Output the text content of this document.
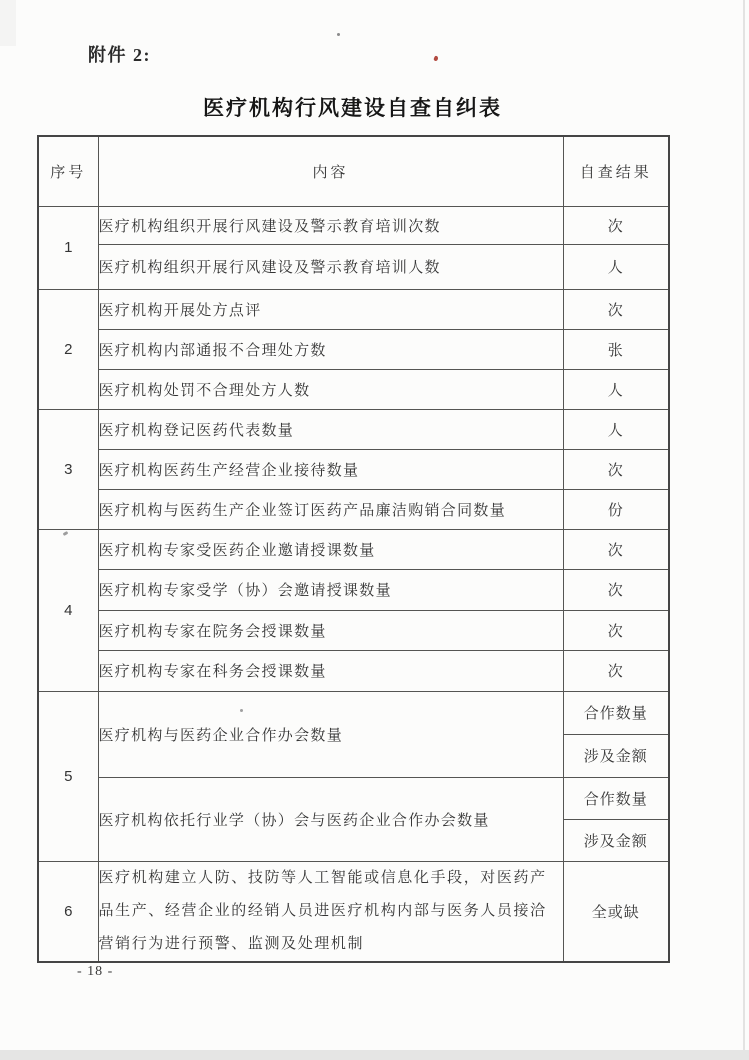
附件 2:
医疗机构行风建设自查自纠表
序号	内容	自查结果
1	医疗机构组织开展行风建设及警示教育培训次数	次
	医疗机构组织开展行风建设及警示教育培训人数	人
2	医疗机构开展处方点评	次
	医疗机构内部通报不合理处方数	张
	医疗机构处罚不合理处方人数	人
3	医疗机构登记医药代表数量	人
	医疗机构医药生产经营企业接待数量	次
	医疗机构与医药生产企业签订医药产品廉洁购销合同数量	份
4	医疗机构专家受医药企业邀请授课数量	次
	医疗机构专家受学（协）会邀请授课数量	次
	医疗机构专家在院务会授课数量	次
	医疗机构专家在科务会授课数量	次
5	医疗机构与医药企业合作办会数量	合作数量
		涉及金额
	医疗机构依托行业学（协）会与医药企业合作办会数量	合作数量
		涉及金额
6	医疗机构建立人防、技防等人工智能或信息化手段，对医药产品生产、经营企业的经销人员进医疗机构内部与医务人员接洽营销行为进行预警、监测及处理机制	全或缺
- 18 -
